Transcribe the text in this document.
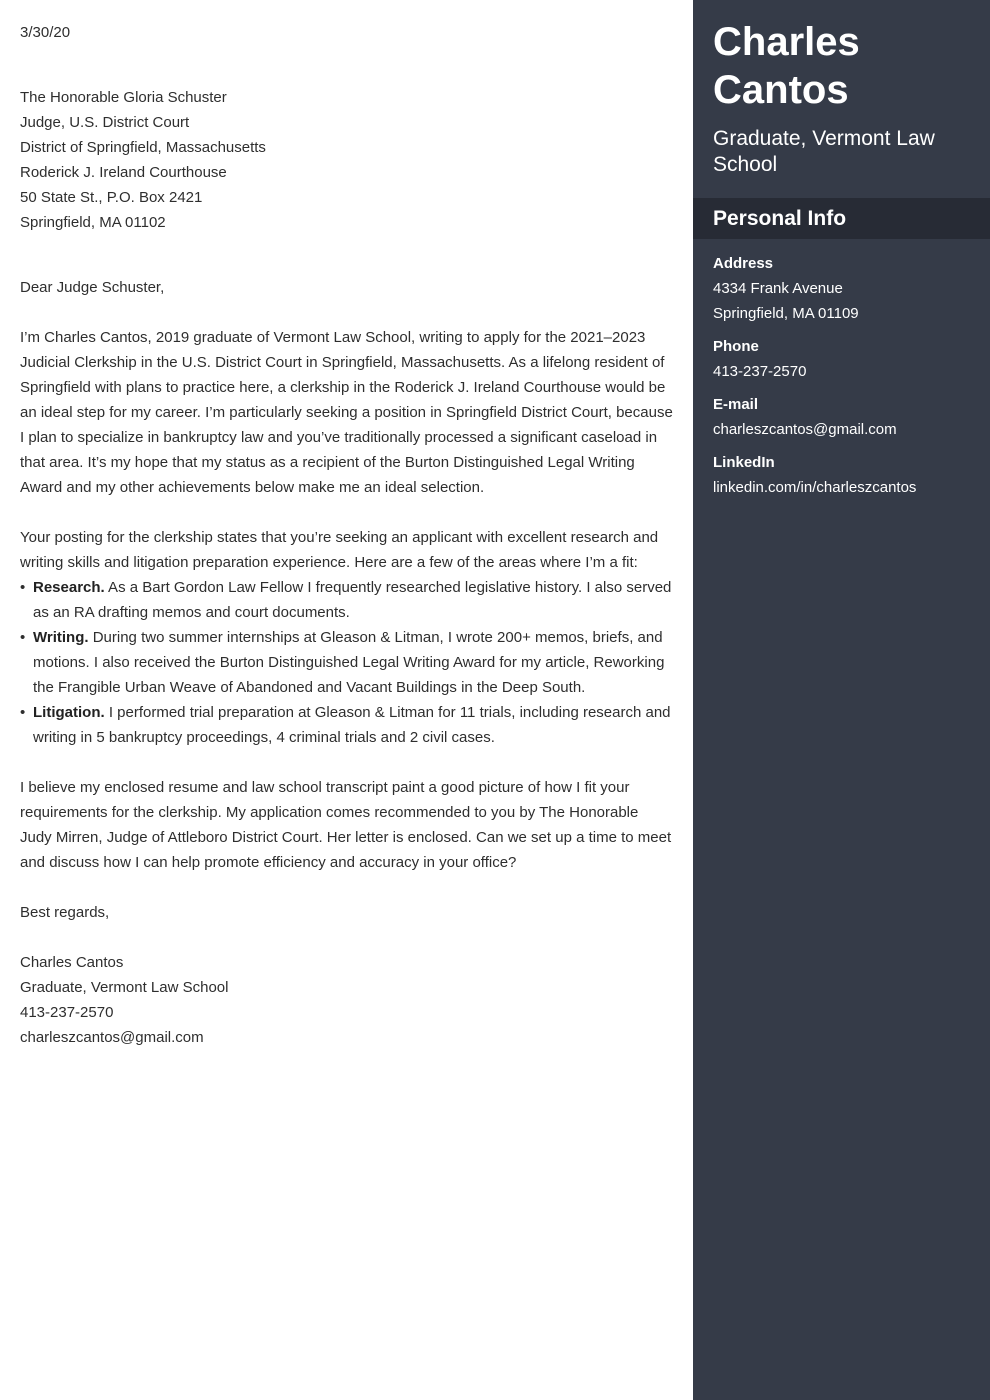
3/30/20

The Honorable Gloria Schuster
Judge, U.S. District Court
District of Springfield, Massachusetts
Roderick J. Ireland Courthouse
50 State St., P.O. Box 2421
Springfield, MA 01102

Dear Judge Schuster,

I’m Charles Cantos, 2019 graduate of Vermont Law School, writing to apply for the 2021–2023 Judicial Clerkship in the U.S. District Court in Springfield, Massachusetts. As a lifelong resident of Springfield with plans to practice here, a clerkship in the Roderick J. Ireland Courthouse would be an ideal step for my career. I’m particularly seeking a position in Springfield District Court, because I plan to specialize in bankruptcy law and you’ve traditionally processed a significant caseload in that area. It’s my hope that my status as a recipient of the Burton Distinguished Legal Writing Award and my other achievements below make me an ideal selection.

Your posting for the clerkship states that you’re seeking an applicant with excellent research and writing skills and litigation preparation experience. Here are a few of the areas where I’m a fit:

• Research. As a Bart Gordon Law Fellow I frequently researched legislative history. I also served as an RA drafting memos and court documents.
• Writing. During two summer internships at Gleason & Litman, I wrote 200+ memos, briefs, and motions. I also received the Burton Distinguished Legal Writing Award for my article, Reworking the Frangible Urban Weave of Abandoned and Vacant Buildings in the Deep South.
• Litigation. I performed trial preparation at Gleason & Litman for 11 trials, including research and writing in 5 bankruptcy proceedings, 4 criminal trials and 2 civil cases.

I believe my enclosed resume and law school transcript paint a good picture of how I fit your requirements for the clerkship. My application comes recommended to you by The Honorable Judy Mirren, Judge of Attleboro District Court. Her letter is enclosed. Can we set up a time to meet and discuss how I can help promote efficiency and accuracy in your office?

Best regards,

Charles Cantos
Graduate, Vermont Law School
413-237-2570
charleszcantos@gmail.com
Charles
Cantos
Graduate, Vermont Law School
Personal Info
Address
4334 Frank Avenue
Springfield, MA 01109
Phone
413-237-2570
E-mail
charleszcantos@gmail.com
LinkedIn
linkedin.com/in/charleszcantos
